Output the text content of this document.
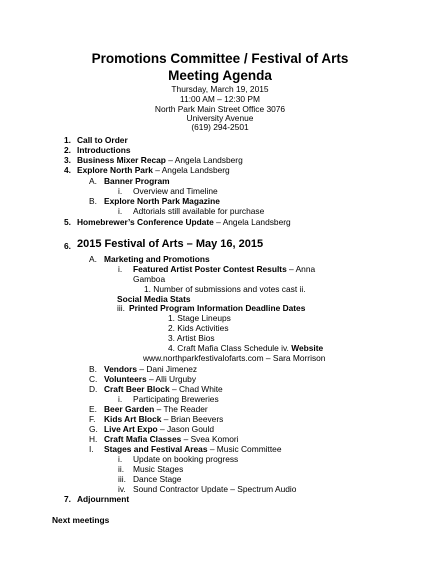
Promotions Committee / Festival of Arts
Meeting Agenda
Thursday, March 19, 2015
11:00 AM – 12:30 PM
North Park Main Street Office 3076
University Avenue
(619) 294-2501
1. Call to Order
2. Introductions
3. Business Mixer Recap – Angela Landsberg
4. Explore North Park – Angela Landsberg
A. Banner Program
i. Overview and Timeline
B. Explore North Park Magazine
i. Adtorials still available for purchase
5. Homebrewer’s Conference Update – Angela Landsberg
6. 2015 Festival of Arts – May 16, 2015
A. Marketing and Promotions
i. Featured Artist Poster Contest Results – Anna
Gamboa
1. Number of submissions and votes cast ii.
Social Media Stats
iii. Printed Program Information Deadline Dates
1. Stage Lineups
2. Kids Activities
3. Artist Bios
4. Craft Mafia Class Schedule iv. Website
www.northparkfestivalofarts.com – Sara Morrison
B. Vendors – Dani Jimenez
C. Volunteers – Alli Urguby
D. Craft Beer Block – Chad White
i. Participating Breweries
E. Beer Garden – The Reader
F. Kids Art Block – Brian Beevers
G. Live Art Expo – Jason Gould
H. Craft Mafia Classes – Svea Komori
I. Stages and Festival Areas – Music Committee
i. Update on booking progress
ii. Music Stages
iii. Dance Stage
iv. Sound Contractor Update – Spectrum Audio
7. Adjournment
Next meetings
